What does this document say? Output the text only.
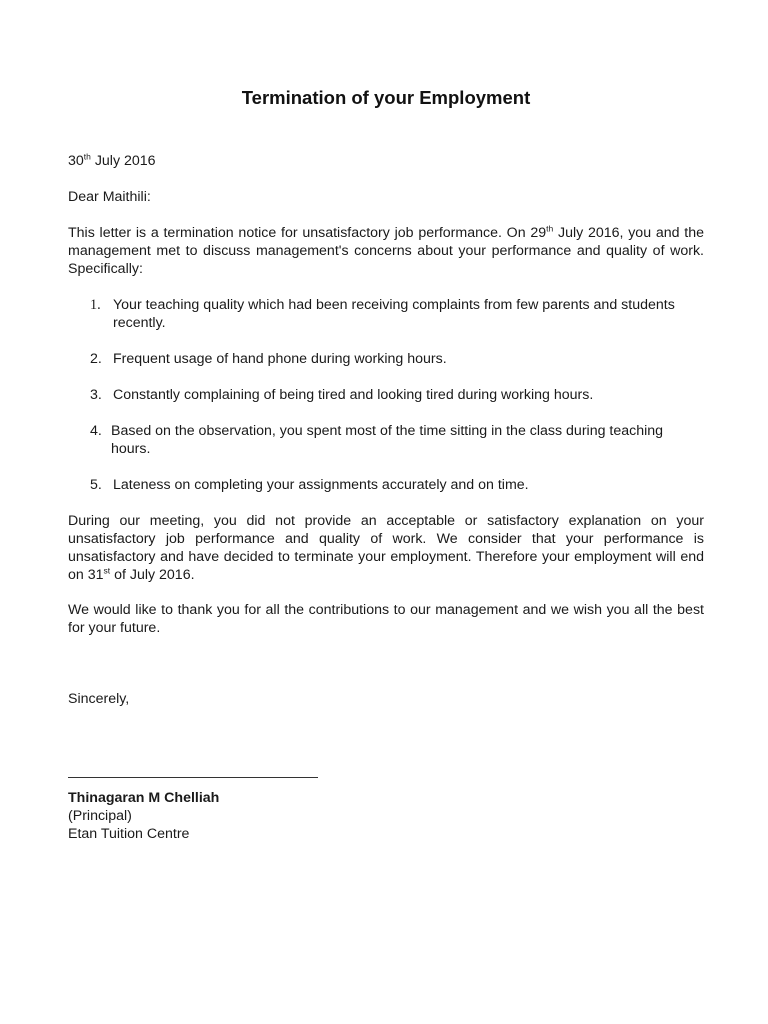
Termination of your Employment

30th July 2016

Dear Maithili:

This letter is a termination notice for unsatisfactory job performance. On 29th July 2016, you and the management met to discuss management's concerns about your performance and quality of work. Specifically:

1. Your teaching quality which had been receiving complaints from few parents and students recently.
2. Frequent usage of hand phone during working hours.
3. Constantly complaining of being tired and looking tired during working hours.
4. Based on the observation, you spent most of the time sitting in the class during teaching hours.
5. Lateness on completing your assignments accurately and on time.

During our meeting, you did not provide an acceptable or satisfactory explanation on your unsatisfactory job performance and quality of work. We consider that your performance is unsatisfactory and have decided to terminate your employment. Therefore your employment will end on 31st of July 2016.

We would like to thank you for all the contributions to our management and we wish you all the best for your future.

Sincerely,

Thinagaran M Chelliah

(Principal)

Etan Tuition Centre
